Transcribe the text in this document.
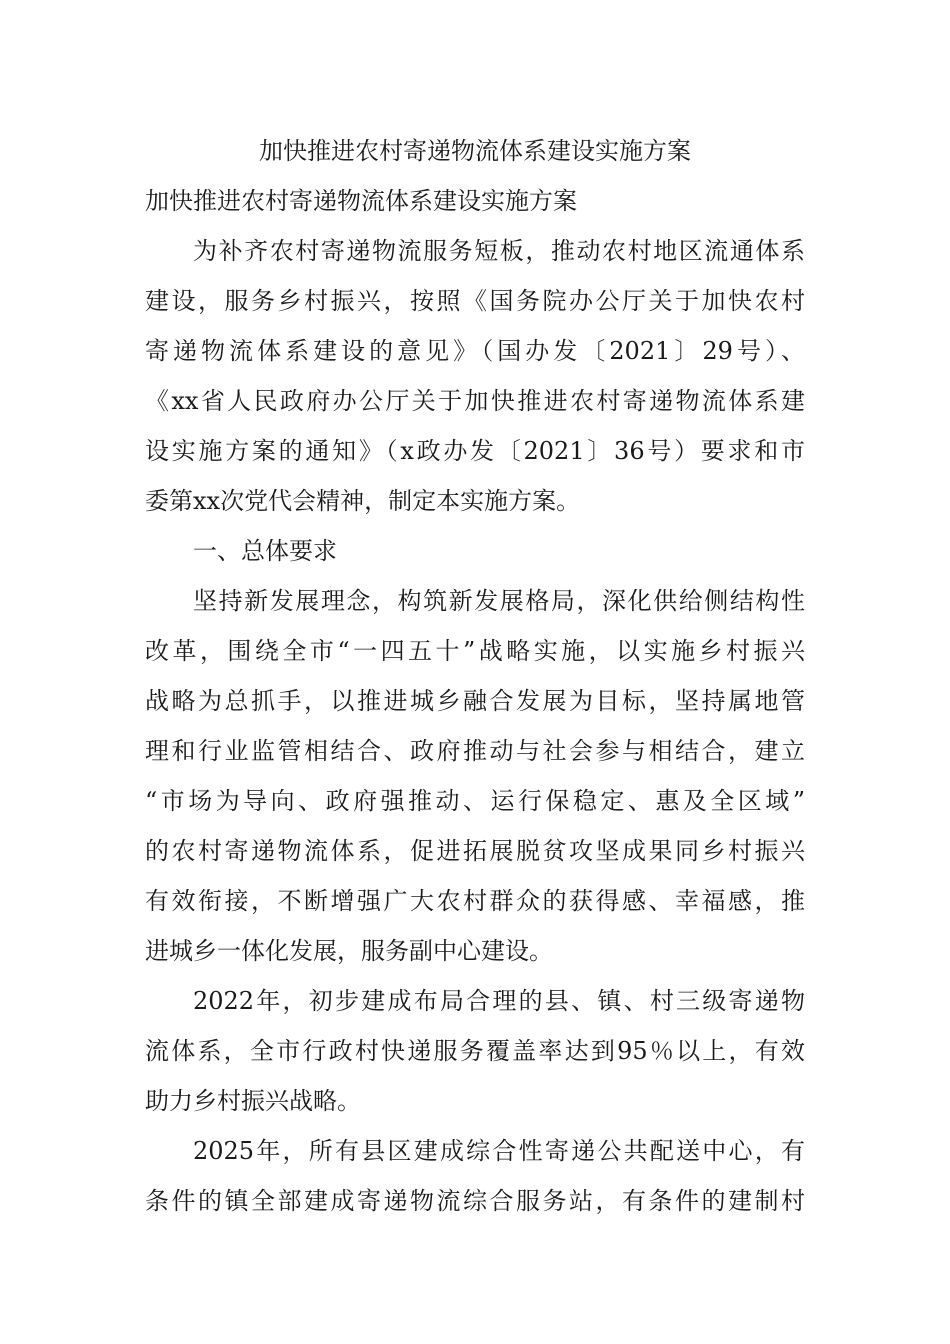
加快推进农村寄递物流体系建设实施方案
加快推进农村寄递物流体系建设实施方案
为补齐农村寄递物流服务短板，推动农村地区流通体系
建设，服务乡村振兴，按照《国务院办公厅关于加快农村
寄递物流体系建设的意见》（国办发〔2021〕29号）、
《xx省人民政府办公厅关于加快推进农村寄递物流体系建
设实施方案的通知》（x政办发〔2021〕36号）要求和市
委第xx次党代会精神，制定本实施方案。
一、总体要求
坚持新发展理念，构筑新发展格局，深化供给侧结构性
改革，围绕全市“一四五十”战略实施，以实施乡村振兴
战略为总抓手，以推进城乡融合发展为目标，坚持属地管
理和行业监管相结合、政府推动与社会参与相结合，建立
“市场为导向、政府强推动、运行保稳定、惠及全区域”
的农村寄递物流体系，促进拓展脱贫攻坚成果同乡村振兴
有效衔接，不断增强广大农村群众的获得感、幸福感，推
进城乡一体化发展，服务副中心建设。
2022年，初步建成布局合理的县、镇、村三级寄递物
流体系，全市行政村快递服务覆盖率达到95％以上，有效
助力乡村振兴战略。
2025年，所有县区建成综合性寄递公共配送中心，有
条件的镇全部建成寄递物流综合服务站，有条件的建制村
